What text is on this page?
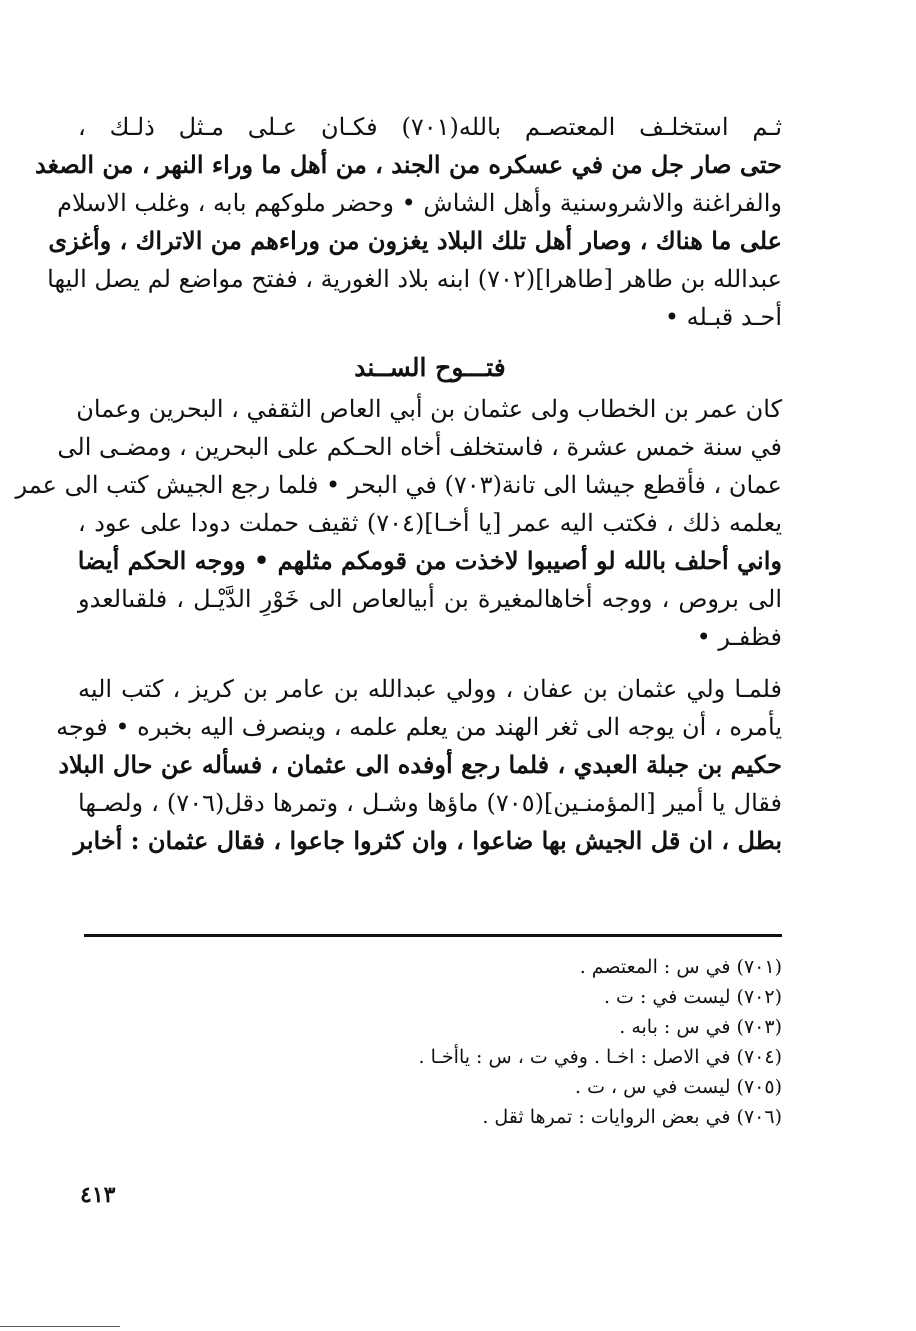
ثـم استخلـف المعتصـم بالله(٧٠١) فكـان عـلى مـثل ذلـك ،
حتى صار جل من في عسكره من الجند ، من أهل ما وراء النهر ، من الصغد
والفراغنة والاشروسنية وأهل الشاش • وحضر ملوكهم بابه ، وغلب الاسلام
على ما هناك ، وصار أهل تلك البلاد يغزون من وراءهم من الاتراك ، وأغزى
عبدالله بن طاهر [طاهرا](٧٠٢) ابنه بلاد الغورية ، ففتح مواضع لم يصل اليها
أحـد قبـله •
فتـــوح الســند
كان عمر بن الخطاب ولى عثمان بن أبي العاص الثقفي ، البحرين وعمان
في سنة خمس عشرة ، فاستخلف أخاه الحـكم على البحرين ، ومضـى الى
عمان ، فأقطع جيشا الى تانة(٧٠٣) في البحر • فلما رجع الجيش كتب الى عمر
يعلمه ذلك ، فكتب اليه عمر [يا أخـا](٧٠٤) ثقيف حملت دودا على عود ،
واني أحلف بالله لو أصيبوا لاخذت من قومكم مثلهم • ووجه الحكم أيضا
الى بروص ، ووجه أخاهالمغيرة بن أبيالعاص الى خَوْرِ الدَّيْـل ، فلقىالعدو
فظفـر •
فلمـا ولي عثمان بن عفان ، وولي عبدالله بن عامر بن كريز ، كتب اليه
يأمره ، أن يوجه الى ثغر الهند من يعلم علمه ، وينصرف اليه بخبره • فوجه
حكيم بن جبلة العبدي ، فلما رجع أوفده الى عثمان ، فسأله عن حال البلاد
فقال يا أمير [المؤمنـين](٧٠٥) ماؤها وشـل ، وتمرها دقل(٧٠٦) ، ولصـها
بطل ، ان قل الجيش بها ضاعوا ، وان كثروا جاعوا ، فقال عثمان : أخابر
(٧٠١) في س : المعتصم .
(٧٠٢) ليست في : ت .
(٧٠٣) في س : بابه .
(٧٠٤) في الاصل : اخـا . وفي ت ، س : ياأخـا .
(٧٠٥) ليست في س ، ت .
(٧٠٦) في بعض الروايات : تمرها ثقل .
٤١٣
